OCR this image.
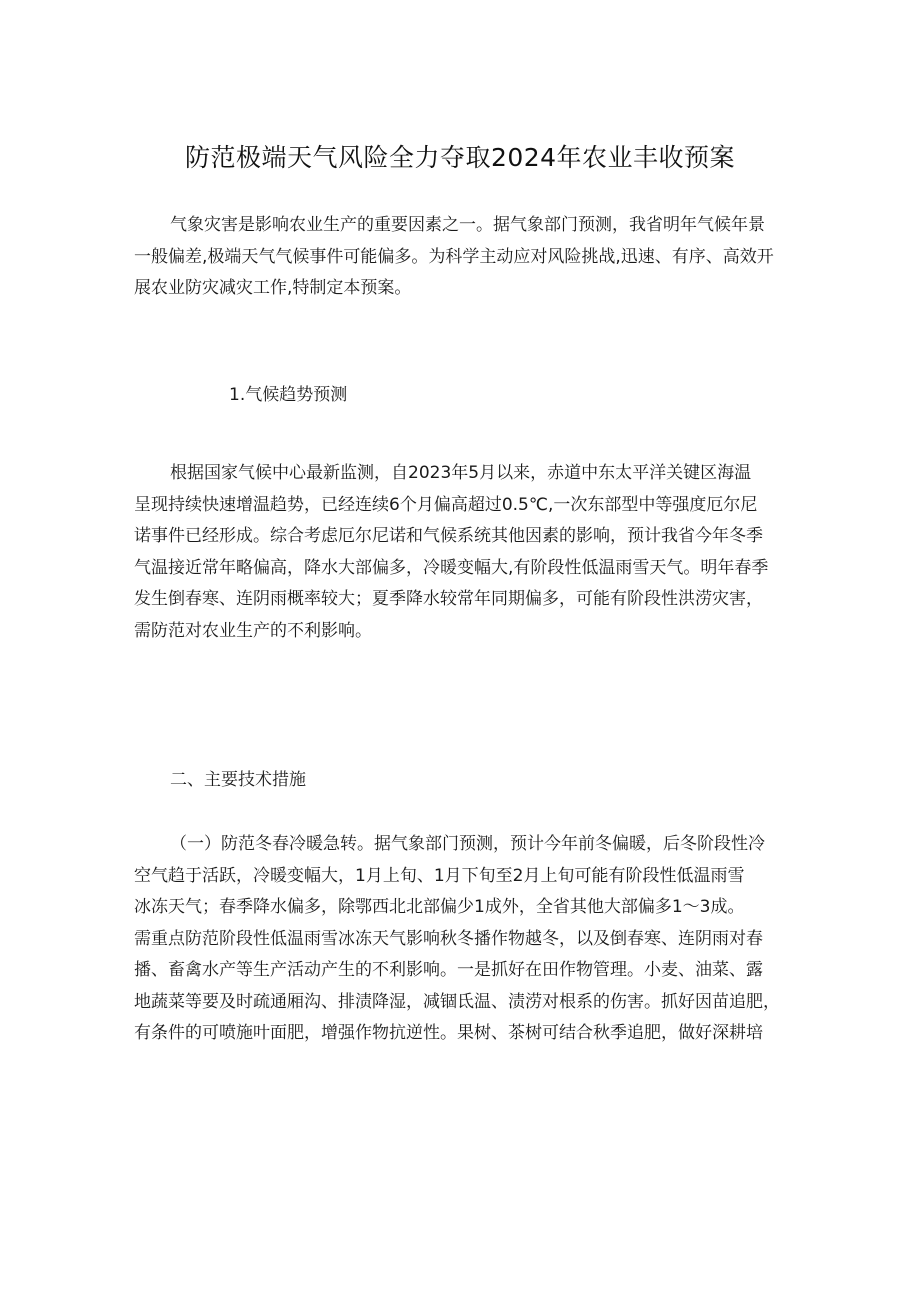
防范极端天气风险全力夺取2024年农业丰收预案
气象灾害是影响农业生产的重要因素之一。据气象部门预测，我省明年气候年景
一般偏差,极端天气气候事件可能偏多。为科学主动应对风险挑战,迅速、有序、高效开
展农业防灾减灾工作,特制定本预案。
1.气候趋势预测
根据国家气候中心最新监测，自2023年5月以来，赤道中东太平洋关键区海温
呈现持续快速增温趋势，已经连续6个月偏高超过0.5℃,一次东部型中等强度厄尔尼
诺事件已经形成。综合考虑厄尔尼诺和气候系统其他因素的影响，预计我省今年冬季
气温接近常年略偏高，降水大部偏多，冷暖变幅大,有阶段性低温雨雪天气。明年春季
发生倒春寒、连阴雨概率较大；夏季降水较常年同期偏多，可能有阶段性洪涝灾害，
需防范对农业生产的不利影响。
二、主要技术措施
（一）防范冬春冷暖急转。据气象部门预测，预计今年前冬偏暖，后冬阶段性冷
空气趋于活跃，冷暖变幅大，1月上旬、1月下旬至2月上旬可能有阶段性低温雨雪
冰冻天气；春季降水偏多，除鄂西北北部偏少1成外，全省其他大部偏多1〜3成。
需重点防范阶段性低温雨雪冰冻天气影响秋冬播作物越冬，以及倒春寒、连阴雨对春
播、畜禽水产等生产活动产生的不利影响。一是抓好在田作物管理。小麦、油菜、露
地蔬菜等要及时疏通厢沟、排渍降湿，减锢氐温、渍涝对根系的伤害。抓好因苗追肥，
有条件的可喷施叶面肥，增强作物抗逆性。果树、茶树可结合秋季追肥，做好深耕培
